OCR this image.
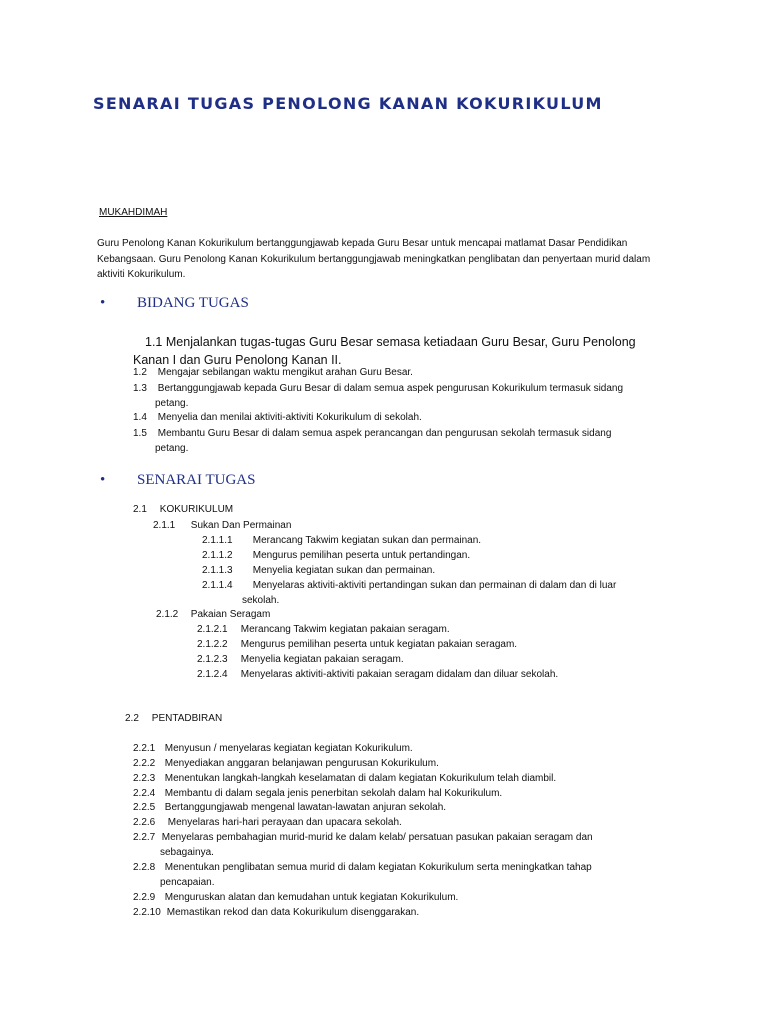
SENARAI TUGAS PENOLONG KANAN KOKURIKULUM
MUKAHDIMAH
Guru Penolong Kanan Kokurikulum bertanggungjawab kepada Guru Besar untuk mencapai matlamat Dasar Pendidikan Kebangsaan. Guru Penolong Kanan Kokurikulum bertanggungjawab meningkatkan penglibatan dan penyertaan murid dalam aktiviti Kokurikulum.
• BIDANG TUGAS
1.1 Menjalankan tugas-tugas Guru Besar semasa ketiadaan Guru Besar, Guru Penolong Kanan I dan Guru Penolong Kanan II.
1.2 Mengajar sebilangan waktu mengikut arahan Guru Besar.
1.3 Bertanggungjawab kepada Guru Besar di dalam semua aspek pengurusan Kokurikulum termasuk sidang
petang.
1.4 Menyelia dan menilai aktiviti-aktiviti Kokurikulum di sekolah.
1.5 Membantu Guru Besar di dalam semua aspek perancangan dan pengurusan sekolah termasuk sidang
petang.
• SENARAI TUGAS
2.1 KOKURIKULUM
2.1.1 Sukan Dan Permainan
2.1.1.1 Merancang Takwim kegiatan sukan dan permainan.
2.1.1.2 Mengurus pemilihan peserta untuk pertandingan.
2.1.1.3 Menyelia kegiatan sukan dan permainan.
2.1.1.4 Menyelaras aktiviti-aktiviti pertandingan sukan dan permainan di dalam dan di luar
sekolah.
2.1.2 Pakaian Seragam
2.1.2.1 Merancang Takwim kegiatan pakaian seragam.
2.1.2.2 Mengurus pemilihan peserta untuk kegiatan pakaian seragam.
2.1.2.3 Menyelia kegiatan pakaian seragam.
2.1.2.4 Menyelaras aktiviti-aktiviti pakaian seragam didalam dan diluar sekolah.
2.2 PENTADBIRAN
2.2.1 Menyusun / menyelaras kegiatan kegiatan Kokurikulum.
2.2.2 Menyediakan anggaran belanjawan pengurusan Kokurikulum.
2.2.3 Menentukan langkah-langkah keselamatan di dalam kegiatan Kokurikulum telah diambil.
2.2.4 Membantu di dalam segala jenis penerbitan sekolah dalam hal Kokurikulum.
2.2.5 Bertanggungjawab mengenal lawatan-lawatan anjuran sekolah.
2.2.6 Menyelaras hari-hari perayaan dan upacara sekolah.
2.2.7 Menyelaras pembahagian murid-murid ke dalam kelab/ persatuan pasukan pakaian seragam dan
sebagainya.
2.2.8 Menentukan penglibatan semua murid di dalam kegiatan Kokurikulum serta meningkatkan tahap
pencapaian.
2.2.9 Menguruskan alatan dan kemudahan untuk kegiatan Kokurikulum.
2.2.10 Memastikan rekod dan data Kokurikulum disenggarakan.
